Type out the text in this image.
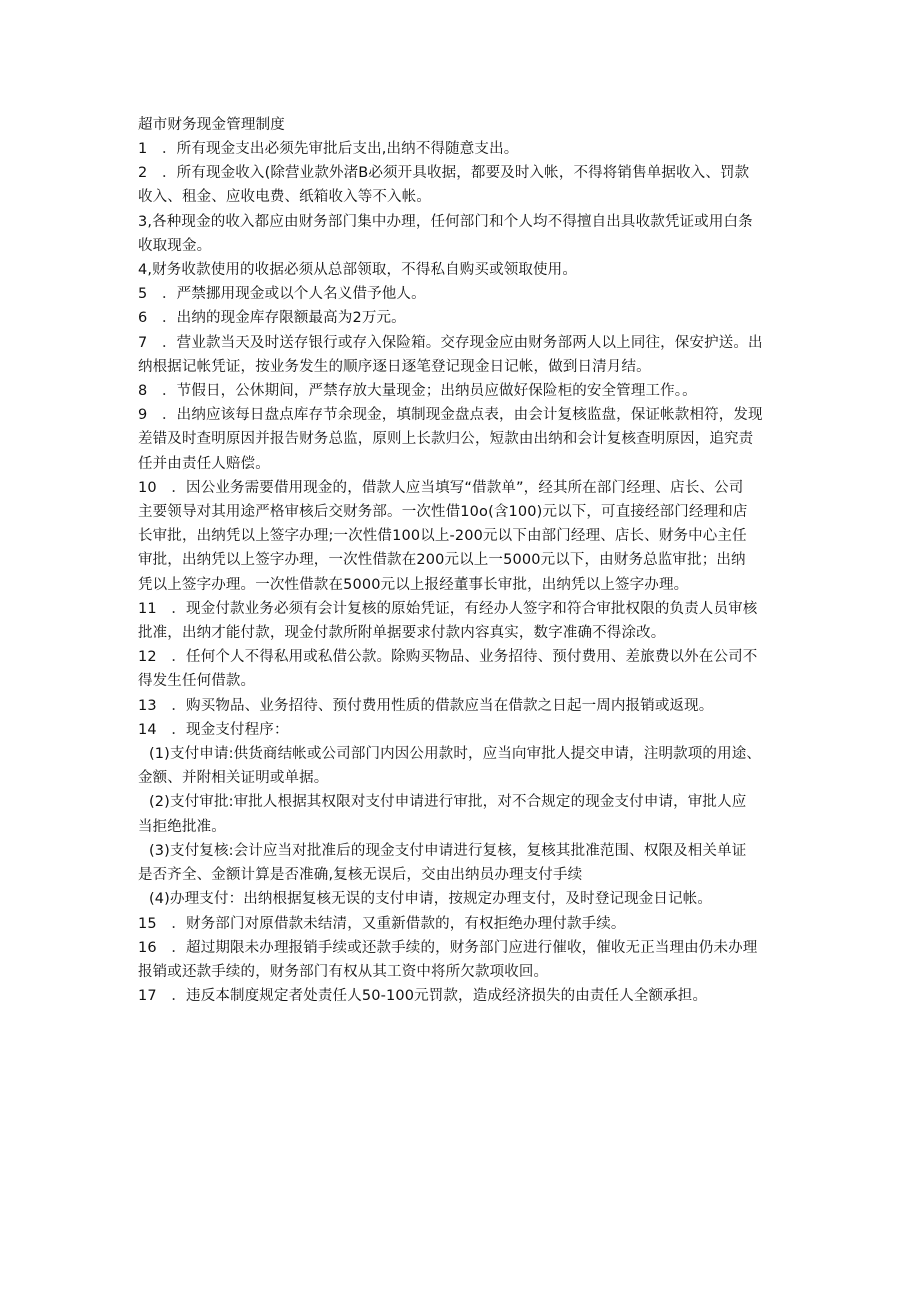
超市财务现金管理制度
1　．所有现金支出必须先审批后支出,出纳不得随意支出。
2　．所有现金收入(除营业款外渚B必须开具收据，都要及时入帐，不得将销售单据收入、罚款
收入、租金、应收电费、纸箱收入等不入帐。
3,各种现金的收入都应由财务部门集中办理，任何部门和个人均不得擅自出具收款凭证或用白条
收取现金。
4,财务收款使用的收据必须从总部领取，不得私自购买或领取使用。
5　．严禁挪用现金或以个人名义借予他人。
6　．出纳的现金库存限额最高为2万元。
7　．营业款当天及时送存银行或存入保险箱。交存现金应由财务部两人以上同往，保安护送。出
纳根据记帐凭证，按业务发生的顺序逐日逐笔登记现金日记帐，做到日清月结。
8　．节假日，公休期间，严禁存放大量现金；出纳员应做好保险柜的安全管理工作。。
9　．出纳应该每日盘点库存节余现金，填制现金盘点表，由会计复核监盘，保证帐款相符，发现
差错及时查明原因并报告财务总监，原则上长款归公，短款由出纳和会计复核查明原因，追究责
任并由责任人赔偿。
10　．因公业务需要借用现金的，借款人应当填写“借款单”，经其所在部门经理、店长、公司
主要领导对其用途严格审核后交财务部。一次性借10o(含100)元以下，可直接经部门经理和店
长审批，出纳凭以上签字办理;一次性借100以上-200元以下由部门经理、店长、财务中心主任
审批，出纳凭以上签字办理，一次性借款在200元以上一5000元以下，由财务总监审批；出纳
凭以上签字办理。一次性借款在5000元以上报经董事长审批，出纳凭以上签字办理。
11　．现金付款业务必须有会计复核的原始凭证，有经办人签字和符合审批权限的负责人员审核
批准，出纳才能付款，现金付款所附单据要求付款内容真实，数字准确不得涂改。
12　．任何个人不得私用或私借公款。除购买物品、业务招待、预付费用、差旅费以外在公司不
得发生任何借款。
13　．购买物品、业务招待、预付费用性质的借款应当在借款之日起一周内报销或返现。
14　．现金支付程序：
(1)支付申请:供货商结帐或公司部门内因公用款时，应当向审批人提交申请，注明款项的用途、
金额、并附相关证明或单据。
(2)支付审批:审批人根据其权限对支付申请进行审批，对不合规定的现金支付申请，审批人应
当拒绝批准。
(3)支付复核:会计应当对批准后的现金支付申请进行复核，复核其批准范围、权限及相关单证
是否齐全、金额计算是否准确,复核无误后，交由出纳员办理支付手续
(4)办理支付：出纳根据复核无误的支付申请，按规定办理支付，及时登记现金日记帐。
15　．财务部门对原借款未结清，又重新借款的，有权拒绝办理付款手续。
16　．超过期限未办理报销手续或还款手续的，财务部门应进行催收，催收无正当理由仍未办理
报销或还款手续的，财务部门有权从其工资中将所欠款项收回。
17　．违反本制度规定者处责任人50-100元罚款，造成经济损失的由责任人全额承担。
